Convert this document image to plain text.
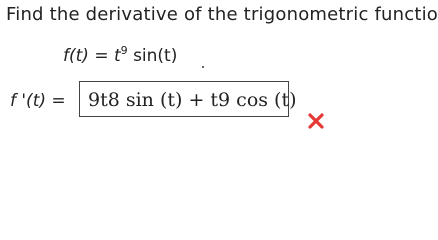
Find the derivative of the trigonometric functio
$f(t) = t^9$ sin(t)
f '(t) = 9t8 sin (t) + t9 cos (t)
